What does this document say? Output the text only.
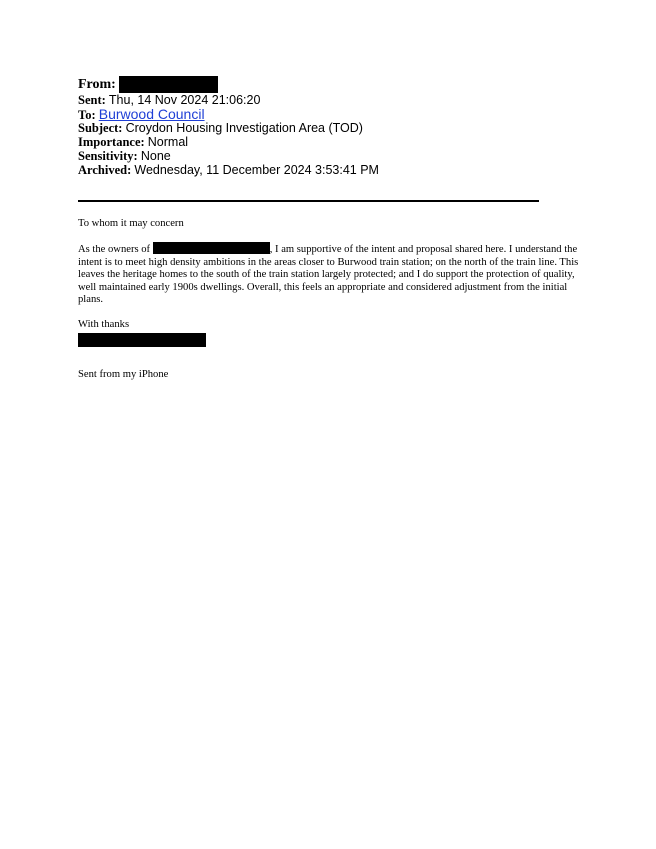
From:
Sent: Thu, 14 Nov 2024 21:06:20
To: Burwood Council
Subject: Croydon Housing Investigation Area (TOD)
Importance: Normal
Sensitivity: None
Archived: Wednesday, 11 December 2024 3:53:41 PM

To whom it may concern

As the owners of	, I am supportive of the intent and proposal shared here. I understand the intent is to meet high density ambitions in the areas closer to Burwood train station; on the north of the train line. This leaves the heritage homes to the south of the train station largely protected; and I do support the protection of quality, well maintained early 1900s dwellings. Overall, this feels an appropriate and considered adjustment from the initial plans.

With thanks

Sent from my iPhone
